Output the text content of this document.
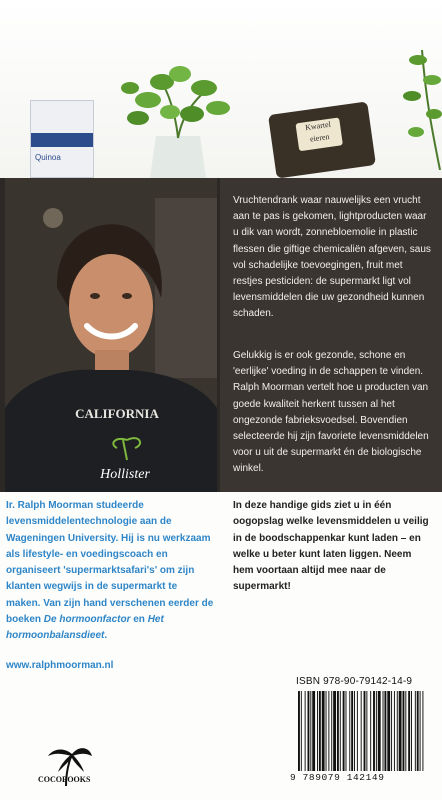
Quinoa
Kwartel
eieren
CALIFORNIA
Hollister

Vruchtendrank waar nauwelijks een vrucht aan te pas is gekomen, lightproducten waar u dik van wordt, zonnebloemolie in plastic flessen die giftige chemicaliën afgeven, saus vol schadelijke toevoegingen, fruit met restjes pesticiden: de supermarkt ligt vol levensmiddelen die uw gezondheid kunnen schaden.

Gelukkig is er ook gezonde, schone en 'eerlijke' voeding in de schappen te vinden. Ralph Moorman vertelt hoe u producten van goede kwaliteit herkent tussen al het ongezonde fabrieksvoedsel. Bovendien selecteerde hij zijn favoriete levensmiddelen voor u uit de supermarkt én de biologische winkel.

Ir. Ralph Moorman studeerde levensmiddelentechnologie aan de Wageningen University. Hij is nu werkzaam als lifestyle- en voedingscoach en organiseert 'supermarktsafari's' om zijn klanten wegwijs in de supermarkt te maken. Van zijn hand verschenen eerder de boeken De hormoonfactor en Het hormoonbalansdieet.

www.ralphmoorman.nl

In deze handige gids ziet u in één oogopslag welke levensmiddelen u veilig in de boodschappenkar kunt laden – en welke u beter kunt laten liggen. Neem hem voortaan altijd mee naar de supermarkt!

ISBN 978-90-79142-14-9

9 789079 142149

COCOBOOKS
